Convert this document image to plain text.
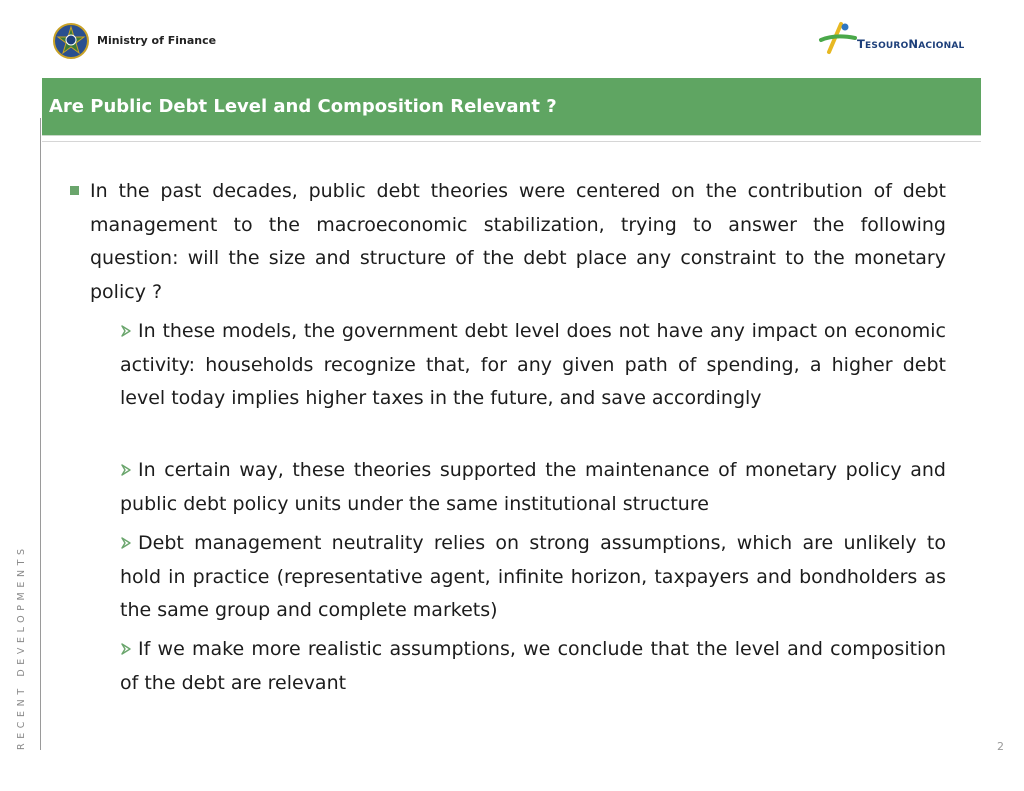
Ministry of Finance	TESOURONACIONAL
Are Public Debt Level and Composition Relevant ?
RECENT DEVELOPMENTS
In the past decades, public debt theories were centered on the contribution of debt management to the macroeconomic stabilization, trying to answer the following question: will the size and structure of the debt place any constraint to the monetary policy ?
In these models, the government debt level does not have any impact on economic activity: households recognize that, for any given path of spending, a higher debt level today implies higher taxes in the future, and save accordingly
In certain way, these theories supported the maintenance of monetary policy and public debt policy units under the same institutional structure
Debt management neutrality relies on strong assumptions, which are unlikely to hold in practice (representative agent, infinite horizon, taxpayers and bondholders as the same group and complete markets)
If we make more realistic assumptions, we conclude that the level and composition of the debt are relevant
2
